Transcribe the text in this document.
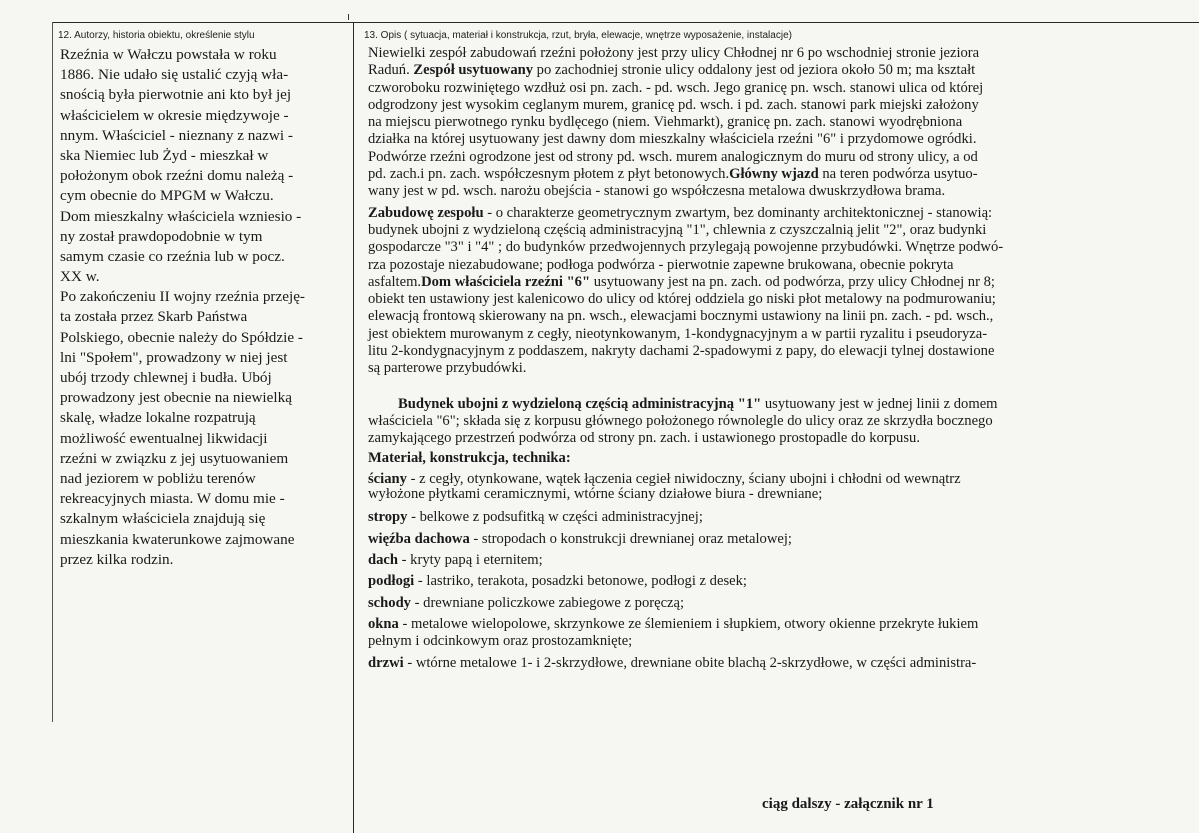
12. Autorzy, historia obiektu, określenie stylu	13. Opis ( sytuacja, materiał i konstrukcja, rzut, bryła, elewacje, wnętrze wyposażenie, instalacje)
Rzeźnia w Wałczu powstała w roku
1886. Nie udało się ustalić czyją wła-
snością była pierwotnie ani kto był jej
właścicielem w okresie międzywoje -
nnym. Właściciel - nieznany z nazwi -
ska Niemiec lub Żyd - mieszkał w
położonym obok rzeźni domu należą -
cym obecnie do MPGM w Wałczu.
Dom mieszkalny właściciela wzniesio -
ny został prawdopodobnie w tym
samym czasie co rzeźnia lub w pocz.
XX w.
Po zakończeniu II wojny rzeźnia przeję-
ta została przez Skarb Państwa
Polskiego, obecnie należy do Spółdzie -
lni "Społem", prowadzony w niej jest
ubój trzody chlewnej i budła. Ubój
prowadzony jest obecnie na niewielką
skalę, władze lokalne rozpatrują
możliwość ewentualnej likwidacji
rzeźni w związku z jej usytuowaniem
nad jeziorem w pobliżu terenów
rekreacyjnych miasta. W domu mie -
szkalnym właściciela znajdują się
mieszkania kwaterunkowe zajmowane
przez kilka rodzin.
Niewielki zespół zabudowań rzeźni położony jest przy ulicy Chłodnej nr 6 po wschodniej stronie jeziora
Raduń. Zespół usytuowany po zachodniej stronie ulicy oddalony jest od jeziora około 50 m; ma kształt
czworoboku rozwiniętego wzdłuż osi pn. zach. - pd. wsch. Jego granicę pn. wsch. stanowi ulica od której
odgrodzony jest wysokim ceglanym murem, granicę pd. wsch. i pd. zach. stanowi park miejski założony
na miejscu pierwotnego rynku bydlęcego (niem. Viehmarkt), granicę pn. zach. stanowi wyodrębniona
działka na której usytuowany jest dawny dom mieszkalny właściciela rzeźni "6" i przydomowe ogródki.
Podwórze rzeźni ogrodzone jest od strony pd. wsch. murem analogicznym do muru od strony ulicy, a od
pd. zach.i pn. zach. współczesnym płotem z płyt betonowych.Główny wjazd na teren podwórza usytuo-
wany jest w pd. wsch. narożu obejścia - stanowi go współczesna metalowa dwuskrzydłowa brama.
Zabudowę zespołu - o charakterze geometrycznym zwartym, bez dominanty architektonicznej - stanowią:
budynek ubojni z wydzieloną częścią administracyjną "1", chlewnia z czyszczalnią jelit "2", oraz budynki
gospodarcze "3" i "4" ; do budynków przedwojennych przylegają powojenne przybudówki. Wnętrze podwó-
rza pozostaje niezabudowane; podłoga podwórza - pierwotnie zapewne brukowana, obecnie pokryta
asfaltem.Dom właściciela rzeźni "6" usytuowany jest na pn. zach. od podwórza, przy ulicy Chłodnej nr 8;
obiekt ten ustawiony jest kalenicowo do ulicy od której oddziela go niski płot metalowy na podmurowaniu;
elewacją frontową skierowany na pn. wsch., elewacjami bocznymi ustawiony na linii pn. zach. - pd. wsch.,
jest obiektem murowanym z cegły, nieotynkowanym, 1-kondygnacyjnym a w partii ryzalitu i pseudoryza-
litu 2-kondygnacyjnym z poddaszem, nakryty dachami 2-spadowymi z papy, do elewacji tylnej dostawione
są parterowe przybudówki.
Budynek ubojni z wydzieloną częścią administracyjną "1" usytuowany jest w jednej linii z domem
właściciela "6"; składa się z korpusu głównego położonego równolegle do ulicy oraz ze skrzydła bocznego
zamykającego przestrzeń podwórza od strony pn. zach. i ustawionego prostopadle do korpusu.
Materiał, konstrukcja, technika:
ściany - z cegły, otynkowane, wątek łączenia cegieł niwidoczny, ściany ubojni i chłodni od wewnątrz
wyłożone płytkami ceramicznymi, wtórne ściany działowe biura - drewniane;
stropy - belkowe z podsufitką w części administracyjnej;
więźba dachowa - stropodach o konstrukcji drewnianej oraz metalowej;
dach - kryty papą i eternitem;
podłogi - lastriko, terakota, posadzki betonowe, podłogi z desek;
schody - drewniane policzkowe zabiegowe z poręczą;
okna - metalowe wielopolowe, skrzynkowe ze ślemieniem i słupkiem, otwory okienne przekryte łukiem
pełnym i odcinkowym oraz prostozamknięte;
drzwi - wtórne metalowe 1- i 2-skrzydłowe, drewniane obite blachą 2-skrzydłowe, w części administra-
ciąg dalszy - załącznik nr 1
